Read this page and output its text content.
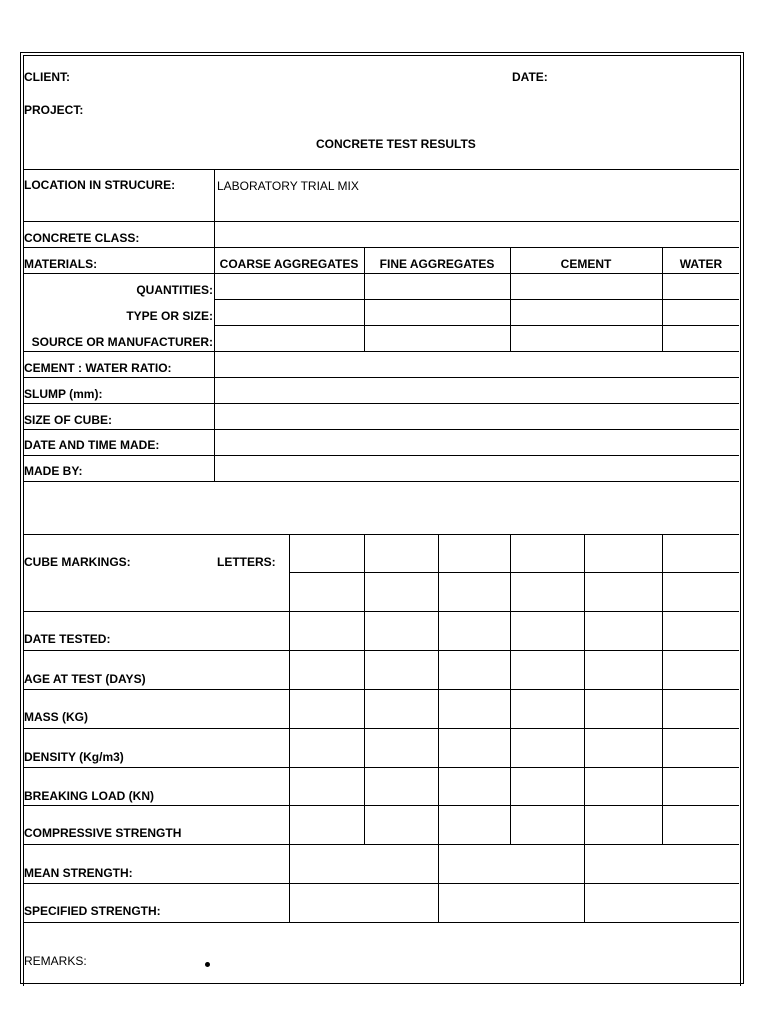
CLIENT:	DATE:
PROJECT:
CONCRETE TEST RESULTS
LOCATION IN STRUCURE:	LABORATORY TRIAL MIX
CONCRETE CLASS:
MATERIALS:	COARSE AGGREGATES	FINE AGGREGATES	CEMENT	WATER
QUANTITIES:
TYPE OR SIZE:
SOURCE OR MANUFACTURER:
CEMENT : WATER RATIO:
SLUMP (mm):
SIZE OF CUBE:
DATE AND TIME MADE:
MADE BY:
CUBE MARKINGS:	LETTERS:
DATE TESTED:
AGE AT TEST (DAYS)
MASS (KG)
DENSITY (Kg/m3)
BREAKING LOAD (KN)
COMPRESSIVE STRENGTH
MEAN STRENGTH:
SPECIFIED STRENGTH:
REMARKS:
